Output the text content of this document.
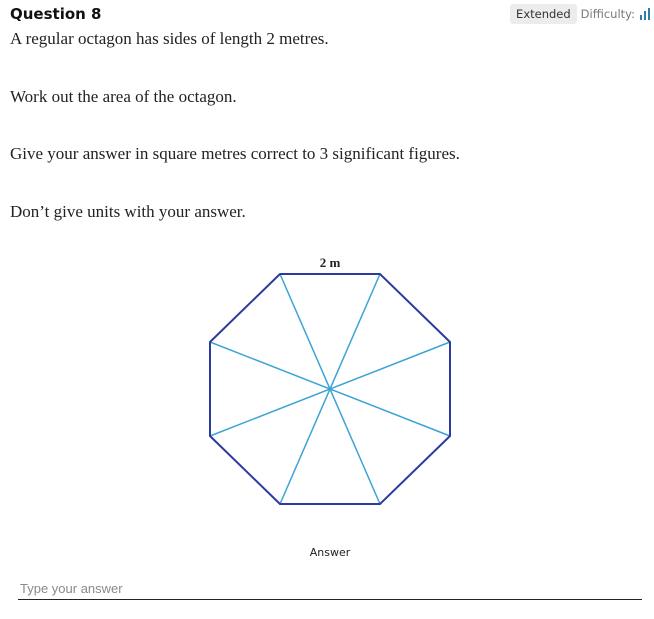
Question 8	Extended Difficulty:

A regular octagon has sides of length 2 metres.

Work out the area of the octagon.

Give your answer in square metres correct to 3 significant figures.

Don’t give units with your answer.

2 m
Answer
Type your answer
